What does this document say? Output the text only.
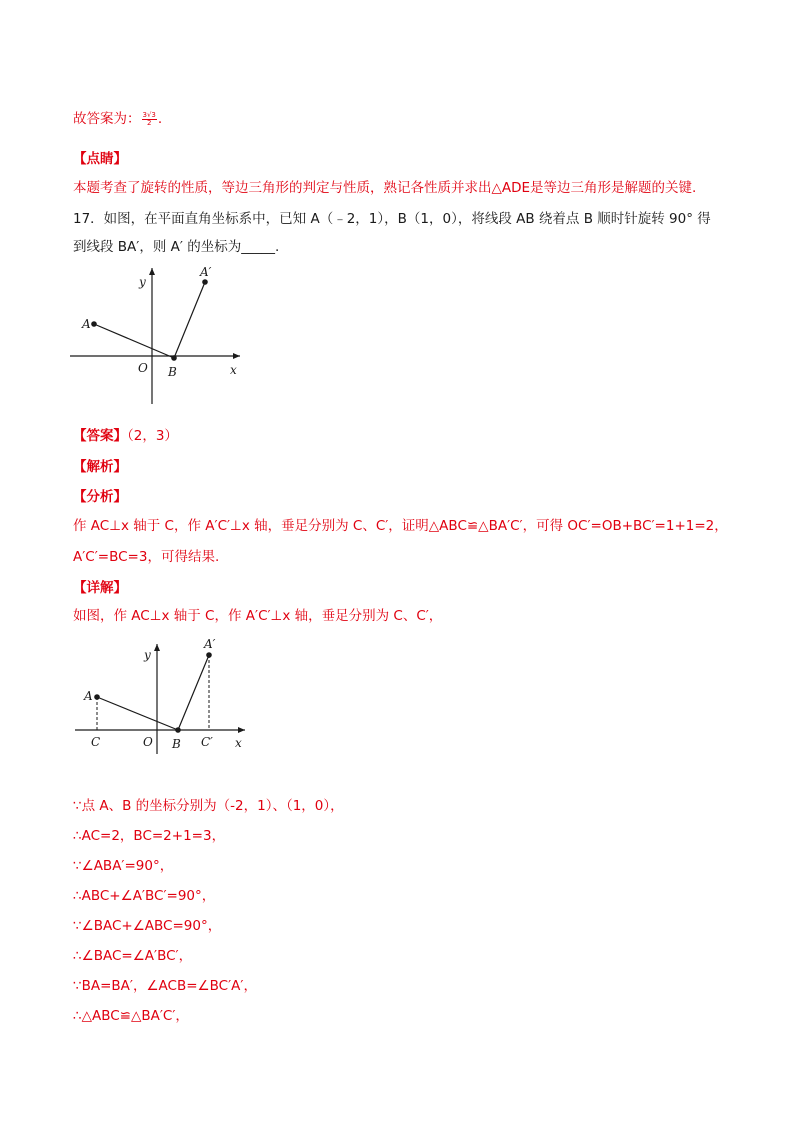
故答案为： $\frac{3√3}{2}$ .
【点睛】
本题考查了旋转的性质，等边三角形的判定与性质，熟记各性质并求出△ADE是等边三角形是解题的关键.
17．如图，在平面直角坐标系中，已知 A（﹣2，1），B（1，0），将线段 AB 绕着点 B 顺时针旋转 90° 得
到线段 BA′，则 A′ 的坐标为_____.
y
x
O
A
B
A′
【答案】（2，3）
【解析】
【分析】
作 AC⊥x 轴于 C，作 A′C′⊥x 轴，垂足分别为 C、C′，证明△ABC≌△BA′C′，可得 OC′=OB+BC′=1+1=2，
A′C′=BC=3，可得结果.
【详解】
如图，作 AC⊥x 轴于 C，作 A′C′⊥x 轴，垂足分别为 C、C′，
y
x
O
A
B
C	C′
A′
∵点 A、B 的坐标分别为（-2，1）、（1，0），
∴AC=2，BC=2+1=3，
∵∠ABA′=90°，
∴ABC+∠A′BC′=90°，
∵∠BAC+∠ABC=90°，
∴∠BAC=∠A′BC′，
∵BA=BA′，∠ACB=∠BC′A′，
∴△ABC≌△BA′C′，
